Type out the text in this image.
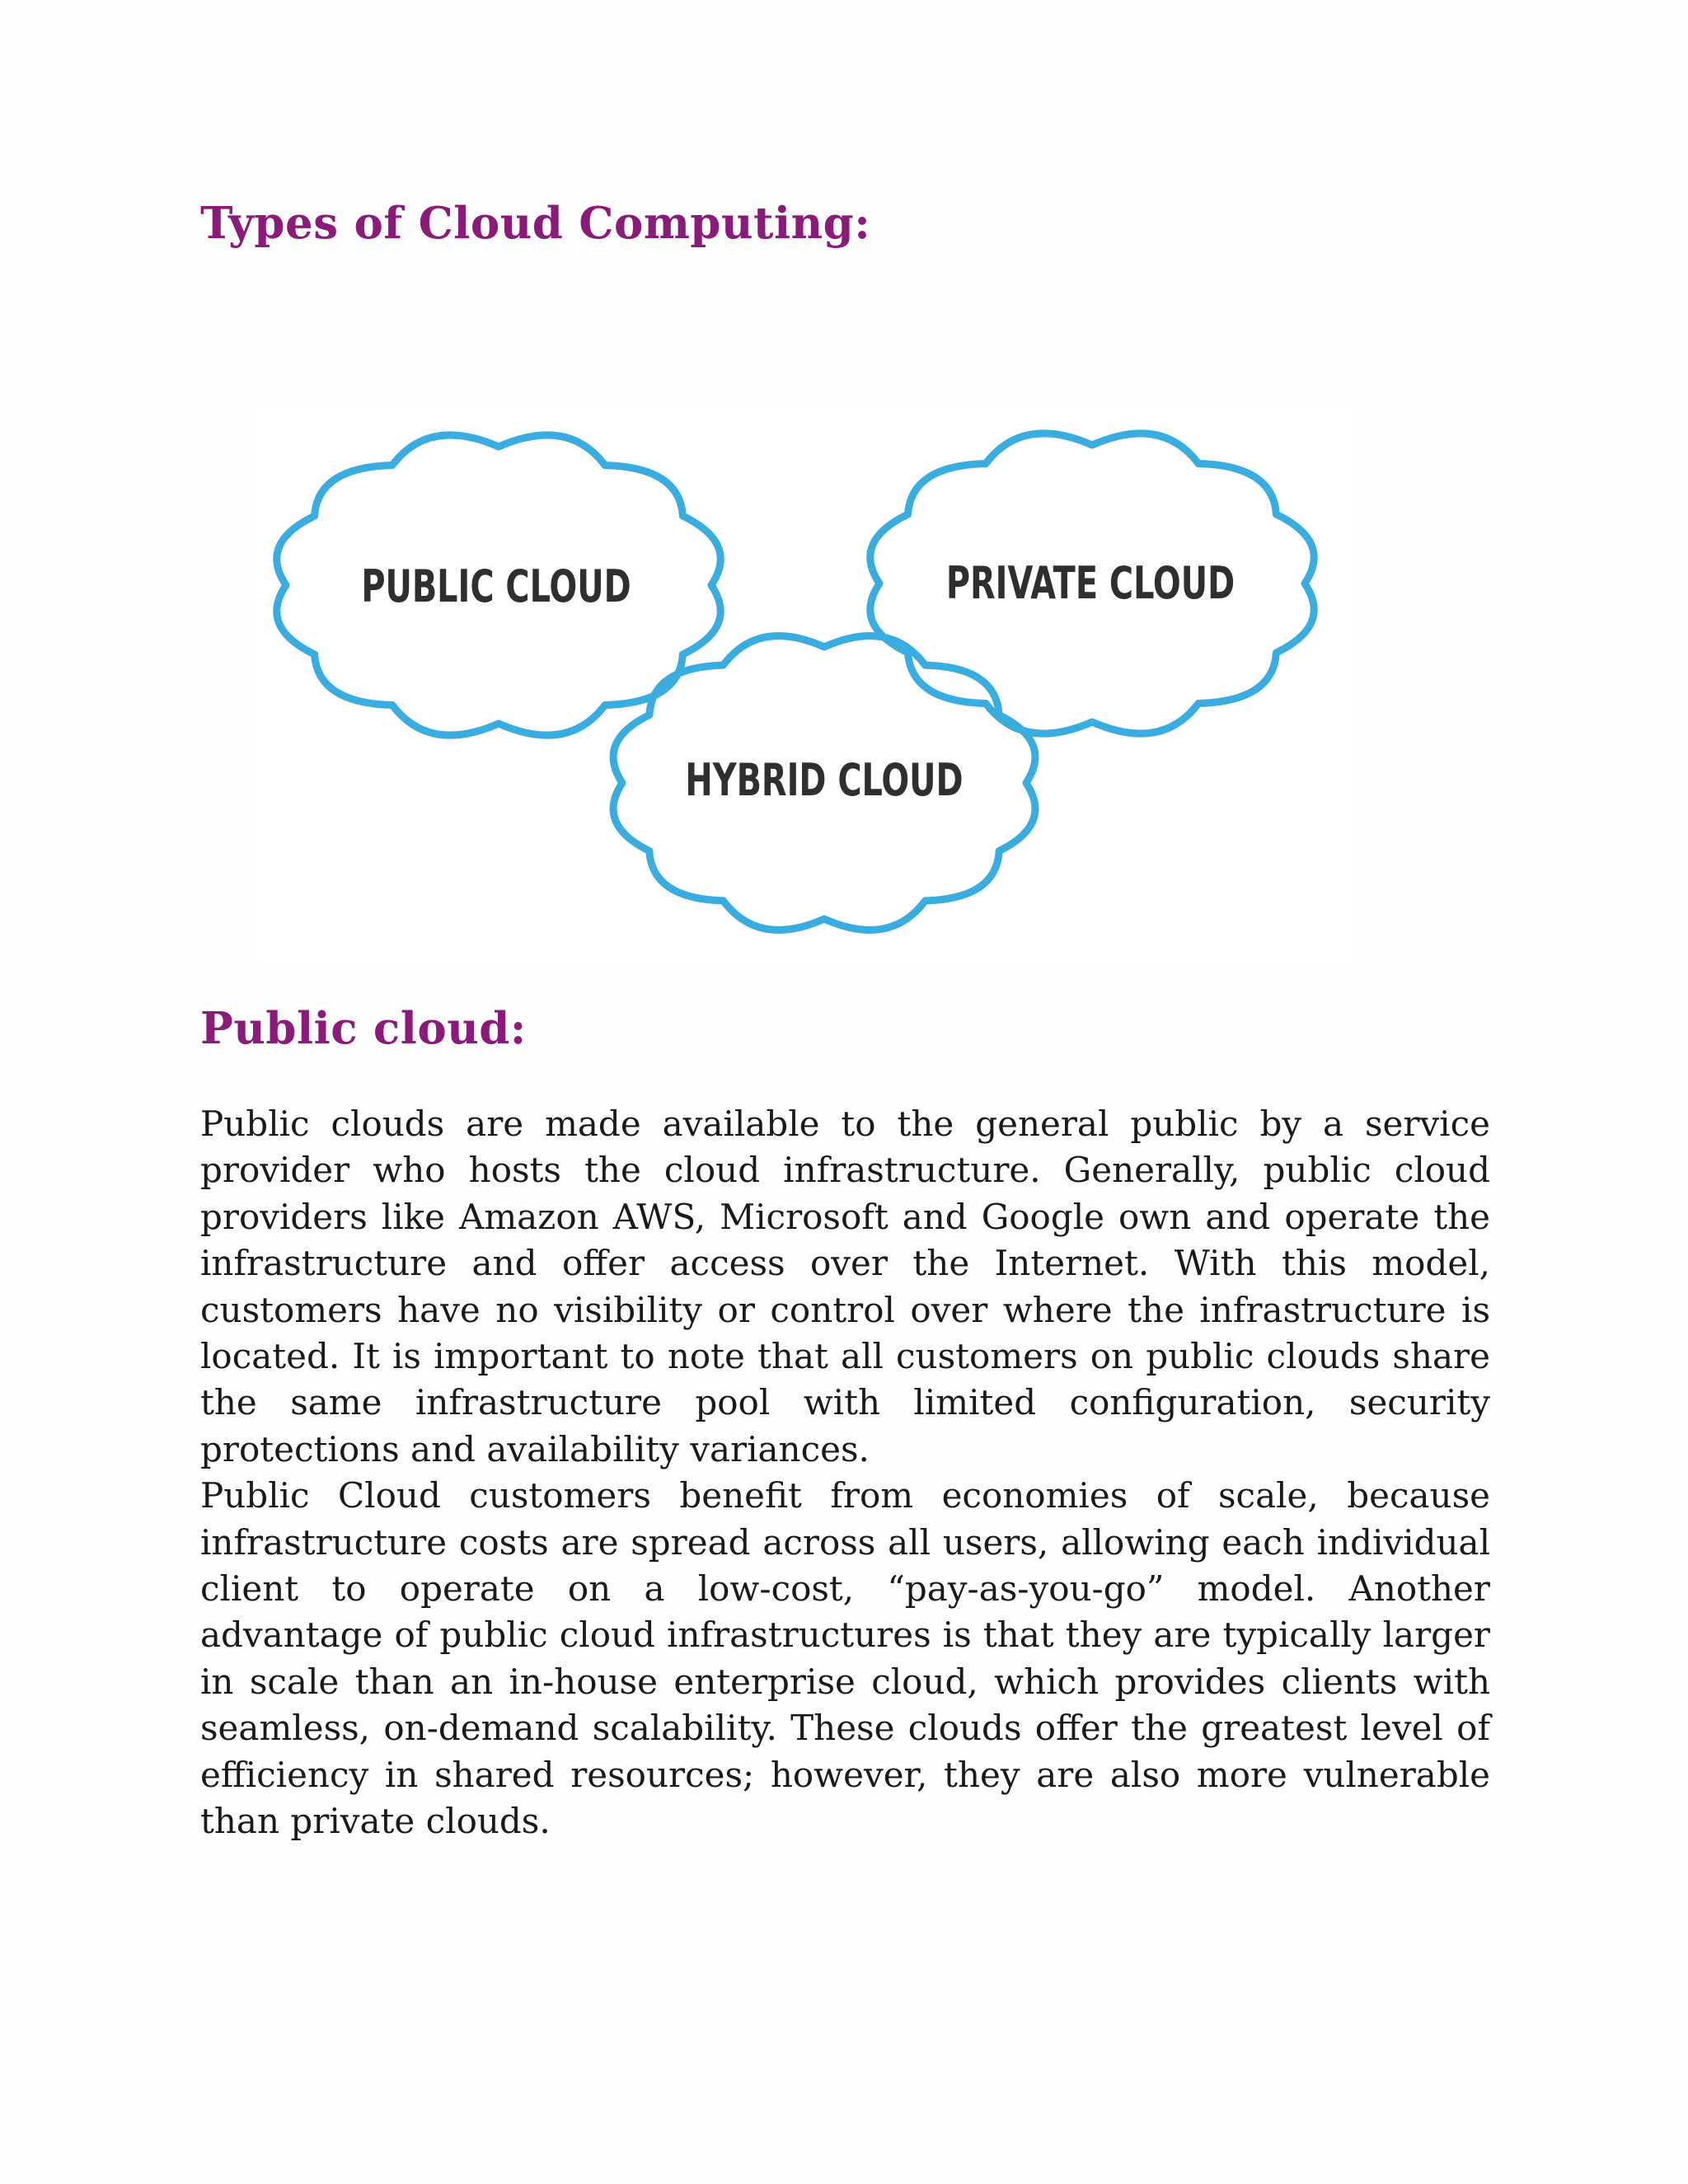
Types of Cloud Computing:
PUBLIC CLOUD	PRIVATE CLOUD
HYBRID CLOUD
Public cloud:

Public clouds are made available to the general public by a service provider who hosts the cloud infrastructure. Generally, public cloud providers like Amazon AWS, Microsoft and Google own and operate the infrastructure and offer access over the Internet. With this model, customers have no visibility or control over where the infrastructure is located. It is important to note that all customers on public clouds share the same infrastructure pool with limited configuration, security protections and availability variances.

Public Cloud customers benefit from economies of scale, because infrastructure costs are spread across all users, allowing each individual client to operate on a low-cost, “pay-as-you-go” model. Another advantage of public cloud infrastructures is that they are typically larger in scale than an in-house enterprise cloud, which provides clients with seamless, on-demand scalability. These clouds offer the greatest level of efficiency in shared resources; however, they are also more vulnerable than private clouds.
